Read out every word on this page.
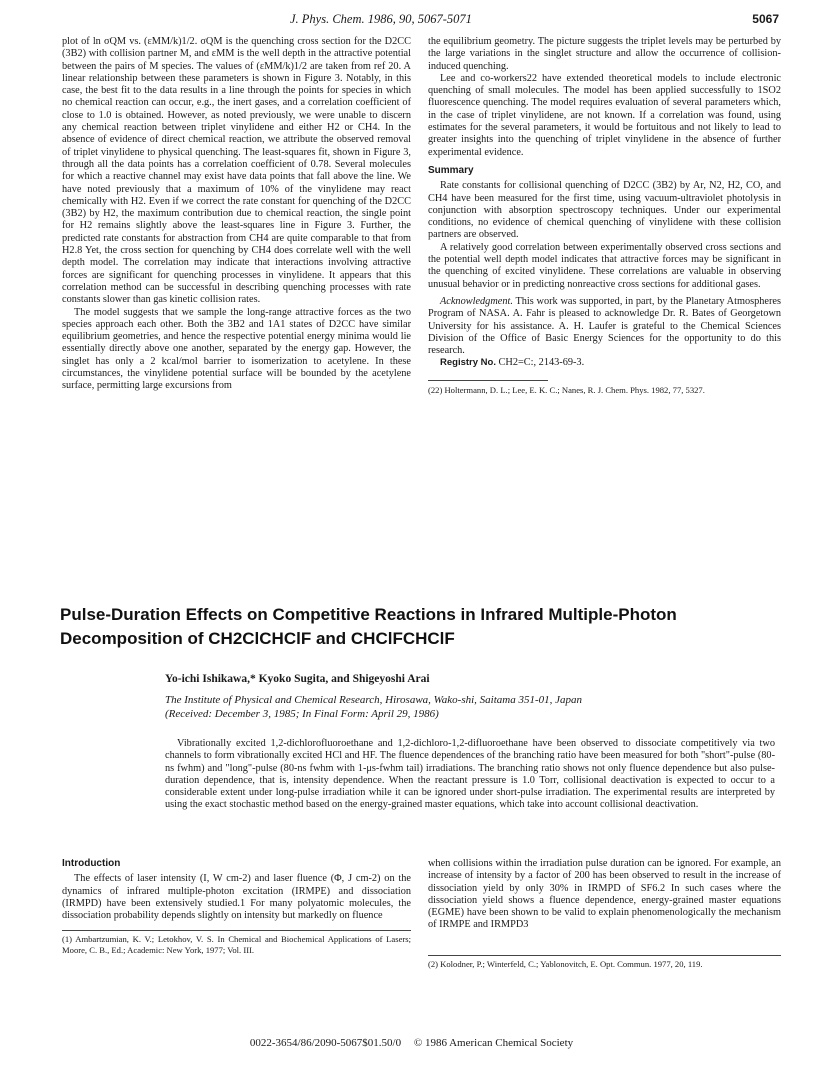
J. Phys. Chem. 1986, 90, 5067-5071	5067

plot of ln σQM vs. (εMM/k)1/2. σQM is the quenching cross section for the D2CC (3B2) with collision partner M, and εMM is the well depth in the attractive potential between the pairs of M species. The values of (εMM/k)1/2 are taken from ref 20. A linear relationship between these parameters is shown in Figure 3. Notably, in this case, the best fit to the data results in a line through the points for species in which no chemical reaction can occur, e.g., the inert gases, and a correlation coefficient of close to 1.0 is obtained. However, as noted previously, we were unable to discern any chemical reaction between triplet vinylidene and either H2 or CH4. In the absence of evidence of direct chemical reaction, we attribute the observed removal of triplet vinylidene to physical quenching. The least-squares fit, shown in Figure 3, through all the data points has a correlation coefficient of 0.78. Several molecules for which a reactive channel may exist have data points that fall above the line. We have noted previously that a maximum of 10% of the vinylidene may react chemically with H2. Even if we correct the rate constant for quenching of the D2CC (3B2) by H2, the maximum contribution due to chemical reaction, the single point for H2 remains slightly above the least-squares line in Figure 3. Further, the predicted rate constants for abstraction from CH4 are quite comparable to that from H2.8 Yet, the cross section for quenching by CH4 does correlate well with the well depth model. The correlation may indicate that interactions involving attractive forces are significant for quenching processes in vinylidene. It appears that this correlation method can be successful in describing quenching processes with rate constants slower than gas kinetic collision rates.

The model suggests that we sample the long-range attractive forces as the two species approach each other. Both the 3B2 and 1A1 states of D2CC have similar equilibrium geometries, and hence the respective potential energy minima would lie essentially directly above one another, separated by the energy gap. However, the singlet has only a 2 kcal/mol barrier to isomerization to acetylene. In these circumstances, the vinylidene potential surface will be bounded by the acetylene surface, permitting large excursions from

the equilibrium geometry. The picture suggests the triplet levels may be perturbed by the large variations in the singlet structure and allow the occurrence of collision-induced quenching.

Lee and co-workers22 have extended theoretical models to include electronic quenching of small molecules. The model has been applied successfully to 1SO2 fluorescence quenching. The model requires evaluation of several parameters which, in the case of triplet vinylidene, are not known. If a correlation was found, using estimates for the several parameters, it would be fortuitous and not likely to lead to greater insights into the quenching of triplet vinylidene in the absence of further experimental evidence.

Summary

Rate constants for collisional quenching of D2CC (3B2) by Ar, N2, H2, CO, and CH4 have been measured for the first time, using vacuum-ultraviolet photolysis in conjunction with absorption spectroscopy techniques. Under our experimental conditions, no evidence of chemical quenching of vinylidene with these collision partners are observed.

A relatively good correlation between experimentally observed cross sections and the potential well depth model indicates that attractive forces may be significant in the quenching of excited vinylidene. These correlations are valuable in observing unusual behavior or in predicting nonreactive cross sections for additional gases.

Acknowledgment. This work was supported, in part, by the Planetary Atmospheres Program of NASA. A. Fahr is pleased to acknowledge Dr. R. Bates of Georgetown University for his assistance. A. H. Laufer is grateful to the Chemical Sciences Division of the Office of Basic Energy Sciences for the opportunity to do this research.

Registry No. CH2=C:, 2143-69-3.

(22) Holtermann, D. L.; Lee, E. K. C.; Nanes, R. J. Chem. Phys. 1982, 77, 5327.

Pulse-Duration Effects on Competitive Reactions in Infrared Multiple-Photon
Decomposition of CH2ClCHClF and CHClFCHClF
Yo-ichi Ishikawa,* Kyoko Sugita, and Shigeyoshi Arai
The Institute of Physical and Chemical Research, Hirosawa, Wako-shi, Saitama 351-01, Japan
(Received: December 3, 1985; In Final Form: April 29, 1986)
Vibrationally excited 1,2-dichlorofluoroethane and 1,2-dichloro-1,2-difluoroethane have been observed to dissociate competitively via two channels to form vibrationally excited HCl and HF. The fluence dependences of the branching ratio have been measured for both "short"-pulse (80-ns fwhm) and "long"-pulse (80-ns fwhm with 1-μs-fwhm tail) irradiations. The branching ratio shows not only fluence dependence but also pulse-duration dependence, that is, intensity dependence. When the reactant pressure is 1.0 Torr, collisional deactivation is expected to occur to a considerable extent under long-pulse irradiation while it can be ignored under short-pulse irradiation. The experimental results are interpreted by using the exact stochastic method based on the energy-grained master equations, which take into account collisional deactivation.
Introduction

The effects of laser intensity (I, W cm-2) and laser fluence (Φ, J cm-2) on the dynamics of infrared multiple-photon excitation (IRMPE) and dissociation (IRMPD) have been extensively studied.1 For many polyatomic molecules, the dissociation probability depends slightly on intensity but markedly on fluence

(1) Ambartzumian, K. V.; Letokhov, V. S. In Chemical and Biochemical Applications of Lasers; Moore, C. B., Ed.; Academic: New York, 1977; Vol. III.

when collisions within the irradiation pulse duration can be ignored. For example, an increase of intensity by a factor of 200 has been observed to result in the increase of dissociation yield by only 30% in IRMPD of SF6.2 In such cases where the dissociation yield shows a fluence dependence, energy-grained master equations (EGME) have been shown to be valid to explain phenomenologically the mechanism of IRMPE and IRMPD3

(2) Kolodner, P.; Winterfeld, C.; Yablonovitch, E. Opt. Commun. 1977, 20, 119.

0022-3654/86/2090-5067$01.50/0 © 1986 American Chemical Society
